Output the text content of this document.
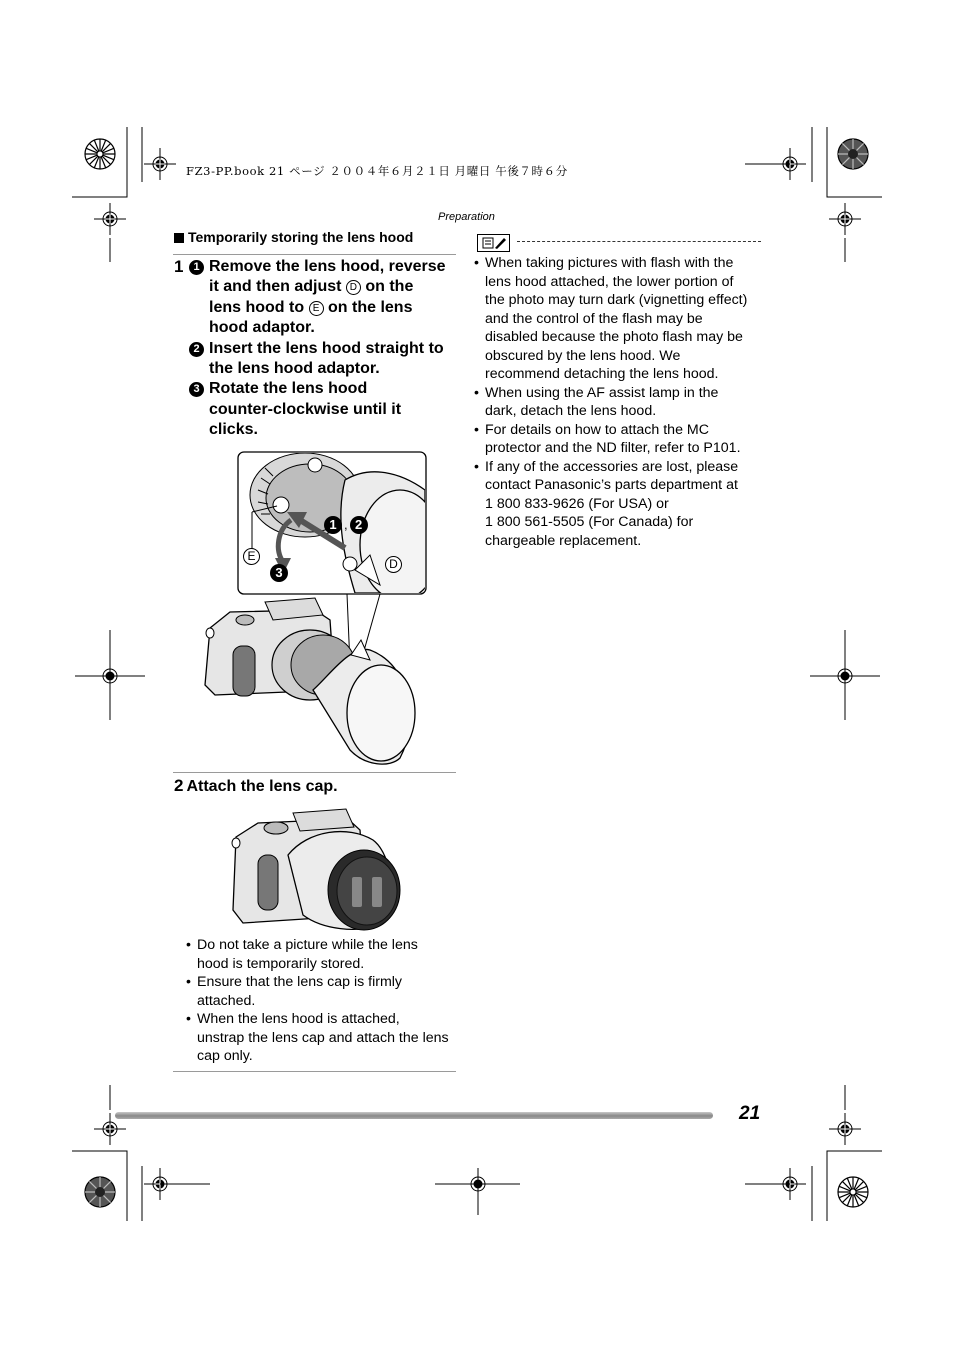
FZ3-PP.book 21 ページ ２００４年６月２１日 月曜日 午後７時６分
Preparation
Temporarily storing the lens hood
1 1 Remove the lens hood, reverse
it and then adjust D on the
lens hood to E on the lens
hood adaptor.
2 Insert the lens hood straight to
the lens hood adaptor.
3 Rotate the lens hood
counter-clockwise until it
clicks.
E
D
1 , 2
3
2 Attach the lens cap.
• Do not take a picture while the lens
hood is temporarily stored.
• Ensure that the lens cap is firmly
attached.
• When the lens hood is attached,
unstrap the lens cap and attach the lens
cap only.
• When taking pictures with flash with the
lens hood attached, the lower portion of
the photo may turn dark (vignetting effect)
and the control of the flash may be
disabled because the photo flash may be
obscured by the lens hood. We
recommend detaching the lens hood.
• When using the AF assist lamp in the
dark, detach the lens hood.
• For details on how to attach the MC
protector and the ND filter, refer to P101.
• If any of the accessories are lost, please
contact Panasonic’s parts department at
1 800 833-9626 (For USA) or
1 800 561-5505 (For Canada) for
chargeable replacement.
21
